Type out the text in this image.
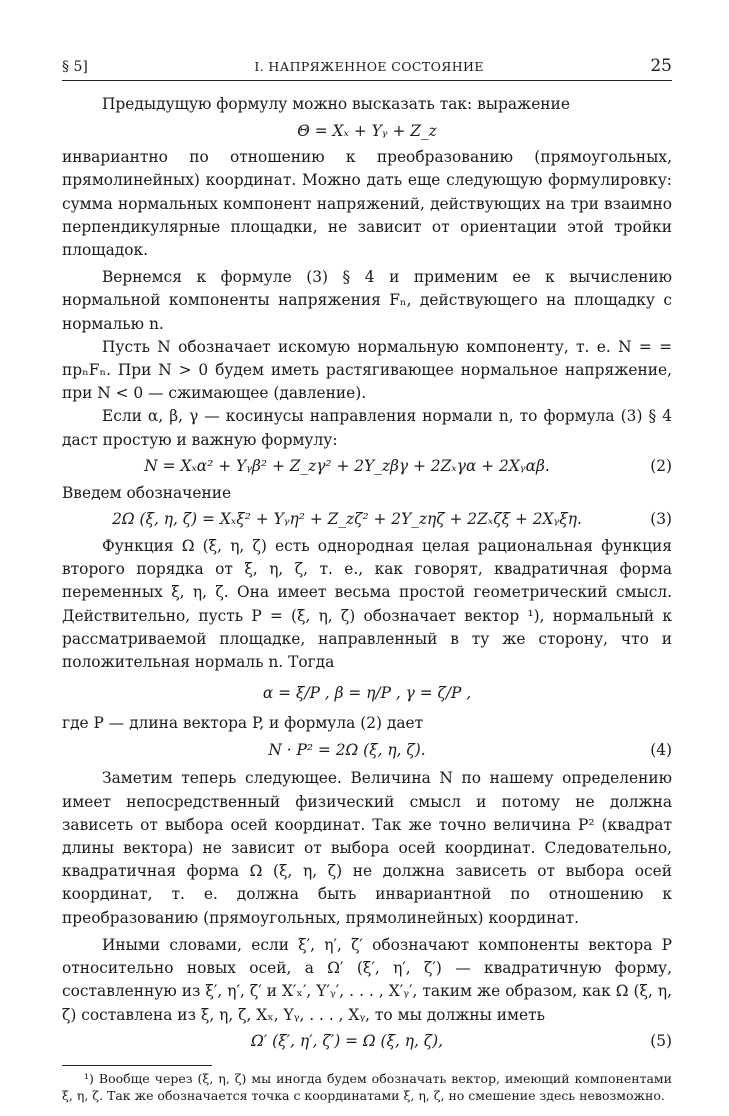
§ 5]	I. НАПРЯЖЕННОЕ СОСТОЯНИЕ	25

Предыдущую формулу можно высказать так: выражение

Θ = Xₓ + Yᵧ + Z_z

инвариантно по отношению к преобразованию (прямоугольных, прямолинейных) координат. Можно дать еще следующую формулировку: сумма нормальных компонент напряжений, действующих на три взаимно перпендикулярные площадки, не зависит от ориентации этой тройки площадок.

Вернемся к формуле (3) § 4 и применим ее к вычислению нормальной компоненты напряжения Fₙ, действующего на площадку с нормалью n.

Пусть N обозначает искомую нормальную компоненту, т. е. N = = прₙFₙ. При N > 0 будем иметь растягивающее нормальное напряжение, при N < 0 — сжимающее (давление).

Если α, β, γ — косинусы направления нормали n, то формула (3) § 4 даст простую и важную формулу:

N = Xₓα² + Yᵧβ² + Z_zγ² + 2Y_zβγ + 2Zₓγα + 2Xᵧαβ.	(2)

Введем обозначение

2Ω (ξ, η, ζ) = Xₓξ² + Yᵧη² + Z_zζ² + 2Y_zηζ + 2Zₓζξ + 2Xᵧξη.	(3)

Функция Ω (ξ, η, ζ) есть однородная целая рациональная функция второго порядка от ξ, η, ζ, т. е., как говорят, квадратичная форма переменных ξ, η, ζ. Она имеет весьма простой геометрический смысл. Действительно, пусть P = (ξ, η, ζ) обозначает вектор ¹), нормальный к рассматриваемой площадке, направленный в ту же сторону, что и положительная нормаль n. Тогда

α = ξ/P , β = η/P , γ = ζ/P ,

где P — длина вектора P, и формула (2) дает

N · P² = 2Ω (ξ, η, ζ).	(4)

Заметим теперь следующее. Величина N по нашему определению имеет непосредственный физический смысл и потому не должна зависеть от выбора осей координат. Так же точно величина P² (квадрат длины вектора) не зависит от выбора осей координат. Следовательно, квадратичная форма Ω (ξ, η, ζ) не должна зависеть от выбора осей координат, т. е. должна быть инвариантной по отношению к преобразованию (прямоугольных, прямолинейных) координат.

Иными словами, если ξ′, η′, ζ′ обозначают компоненты вектора P относительно новых осей, а Ω′ (ξ′, η′, ζ′) — квадратичную форму, составленную из ξ′, η′, ζ′ и X′ₓ′, Y′ᵧ′, . . . , X′ᵧ′, таким же образом, как Ω (ξ, η, ζ) составлена из ξ, η, ζ, Xₓ, Yᵧ, . . . , Xᵧ, то мы должны иметь

Ω′ (ξ′, η′, ζ′) = Ω (ξ, η, ζ),	(5)

¹) Вообще через (ξ, η, ζ) мы иногда будем обозначать вектор, имеющий компонентами ξ, η, ζ. Так же обозначается точка с координатами ξ, η, ζ, но смешение здесь невозможно.
